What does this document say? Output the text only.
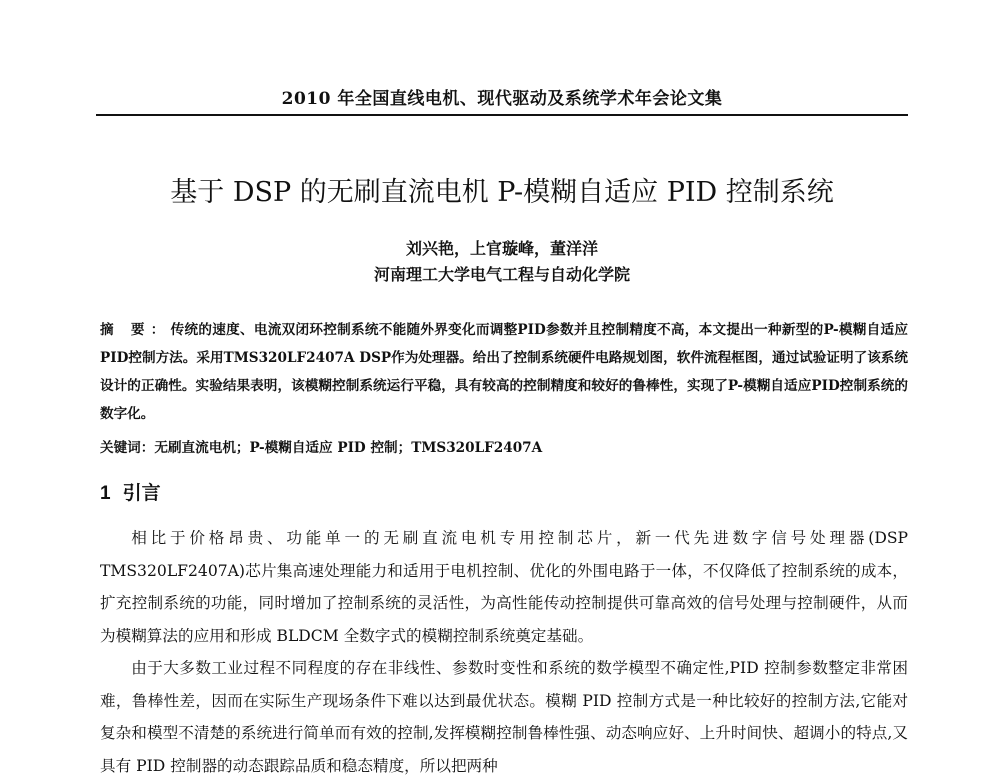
2010 年全国直线电机、现代驱动及系统学术年会论文集
基于 DSP 的无刷直流电机 P-模糊自适应 PID 控制系统
刘兴艳，上官璇峰，董洋洋
河南理工大学电气工程与自动化学院
摘 要：传统的速度、电流双闭环控制系统不能随外界变化而调整PID参数并且控制精度不高，本文提出一种新型的P-模糊自适应PID控制方法。采用TMS320LF2407A DSP作为处理器。给出了控制系统硬件电路规划图，软件流程框图，通过试验证明了该系统设计的正确性。实验结果表明，该模糊控制系统运行平稳，具有较高的控制精度和较好的鲁棒性，实现了P-模糊自适应PID控制系统的数字化。
关键词：无刷直流电机；P-模糊自适应 PID 控制；TMS320LF2407A
1 引言

相比于价格昂贵、功能单一的无刷直流电机专用控制芯片，新一代先进数字信号处理器(DSP TMS320LF2407A)芯片集高速处理能力和适用于电机控制、优化的外围电路于一体，不仅降低了控制系统的成本，扩充控制系统的功能，同时增加了控制系统的灵活性，为高性能传动控制提供可靠高效的信号处理与控制硬件，从而为模糊算法的应用和形成 BLDCM 全数字式的模糊控制系统奠定基础。

由于大多数工业过程不同程度的存在非线性、参数时变性和系统的数学模型不确定性,PID 控制参数整定非常困难，鲁棒性差，因而在实际生产现场条件下难以达到最优状态。模糊 PID 控制方式是一种比较好的控制方法,它能对复杂和模型不清楚的系统进行简单而有效的控制,发挥模糊控制鲁棒性强、动态响应好、上升时间快、超调小的特点,又具有 PID 控制器的动态跟踪品质和稳态精度，所以把两种
